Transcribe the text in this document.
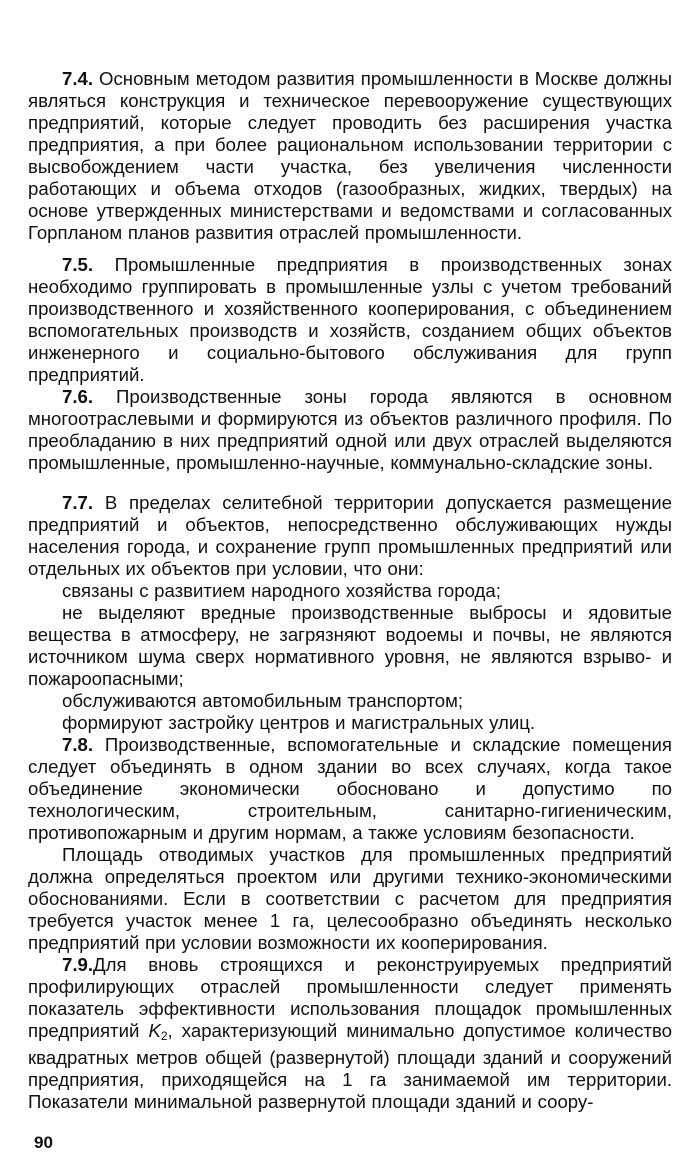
7.4. Основным методом развития промышленности в Москве должны являться конструкция и техническое перевооружение существующих предприятий, которые следует проводить без расширения участка предприятия, а при более рациональном использовании территории с высвобождением части участка, без увеличения численности работающих и объема отходов (газообразных, жидких, твердых) на основе утвержденных министерствами и ведомствами и согласованных Горпланом планов развития отраслей промышленности.

7.5. Промышленные предприятия в производственных зонах необходимо группировать в промышленные узлы с учетом требований производственного и хозяйственного кооперирования, с объединением вспомогательных производств и хозяйств, созданием общих объектов инженерного и социально-бытового обслуживания для групп предприятий.

7.6. Производственные зоны города являются в основном многоотраслевыми и формируются из объектов различного профиля. По преобладанию в них предприятий одной или двух отраслей выделяются промышленные, промышленно-научные, коммунально-складские зоны.

7.7. В пределах селитебной территории допускается размещение предприятий и объектов, непосредственно обслуживающих нужды населения города, и сохранение групп промышленных предприятий или отдельных их объектов при условии, что они:

связаны с развитием народного хозяйства города;

не выделяют вредные производственные выбросы и ядовитые вещества в атмосферу, не загрязняют водоемы и почвы, не являются источником шума сверх нормативного уровня, не являются взрыво- и пожароопасными;

обслуживаются автомобильным транспортом;

формируют застройку центров и магистральных улиц.

7.8. Производственные, вспомогательные и складские помещения следует объединять в одном здании во всех случаях, когда такое объединение экономически обосновано и допустимо по технологическим, строительным, санитарно-гигиеническим, противопожарным и другим нормам, а также условиям безопасности.

Площадь отводимых участков для промышленных предприятий должна определяться проектом или другими технико-экономическими обоснованиями. Если в соответствии с расчетом для предприятия требуется участок менее 1 га, целесообразно объединять несколько предприятий при условии возможности их кооперирования.

7.9.Для вновь строящихся и реконструируемых предприятий профилирующих отраслей промышленности следует применять показатель эффективности использования площадок промышленных предприятий $K_2$, характеризующий минимально допустимое количество квадратных метров общей (развернутой) площади зданий и сооружений предприятия, приходящейся на 1 га занимаемой им территории. Показатели минимальной развернутой площади зданий и соору-

90
